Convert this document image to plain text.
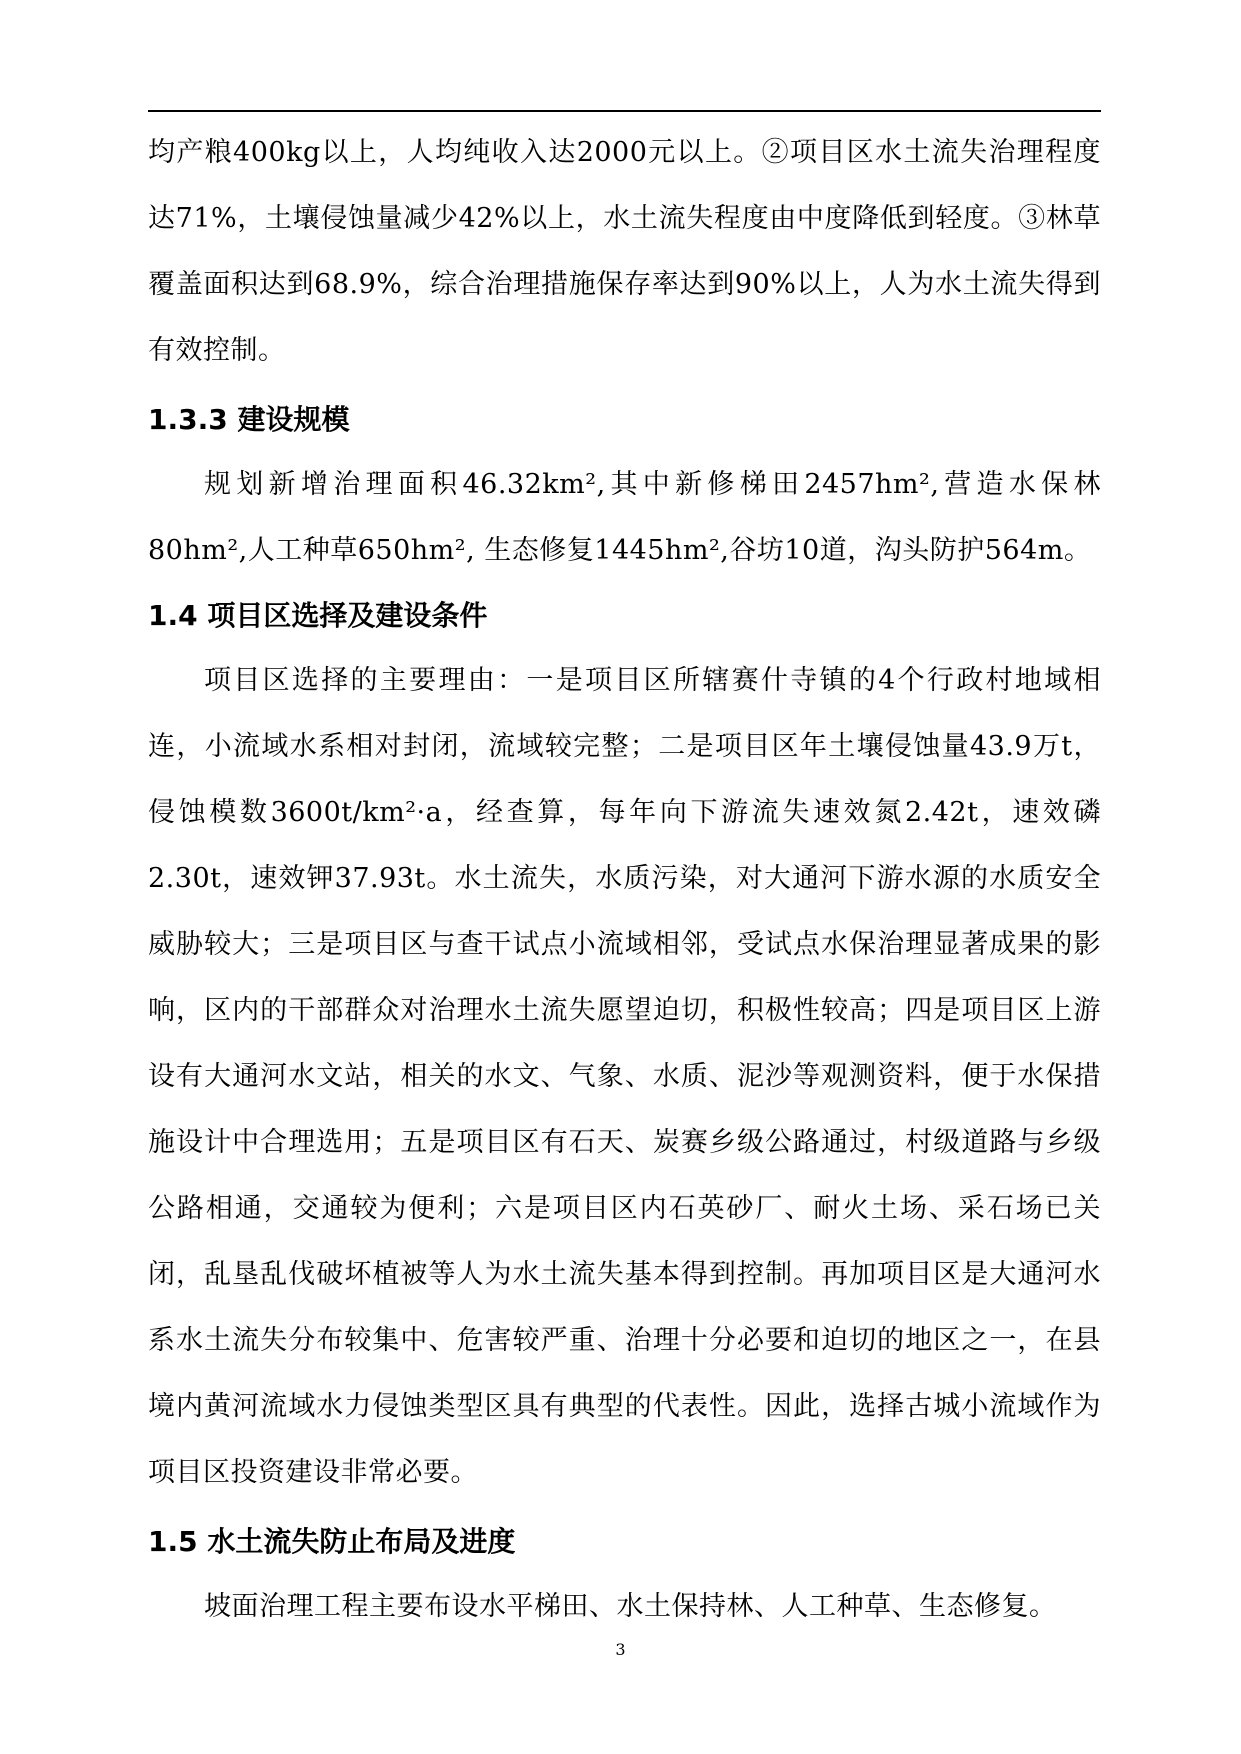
均产粮400kg以上，人均纯收入达2000元以上。②项目区水土流失治理程度达71%，土壤侵蚀量减少42%以上，水土流失程度由中度降低到轻度。③林草覆盖面积达到68.9%，综合治理措施保存率达到90%以上，人为水土流失得到有效控制。

1.3.3 建设规模

规划新增治理面积46.32km²,其中新修梯田2457hm²,营造水保林80hm²,人工种草650hm², 生态修复1445hm²,谷坊10道，沟头防护564m。

1.4 项目区选择及建设条件

项目区选择的主要理由：一是项目区所辖赛什寺镇的4个行政村地域相连，小流域水系相对封闭，流域较完整；二是项目区年土壤侵蚀量43.9万t，侵蚀模数3600t/km²·a，经查算，每年向下游流失速效氮2.42t，速效磷2.30t，速效钾37.93t。水土流失，水质污染，对大通河下游水源的水质安全威胁较大；三是项目区与查干试点小流域相邻，受试点水保治理显著成果的影响，区内的干部群众对治理水土流失愿望迫切，积极性较高；四是项目区上游设有大通河水文站，相关的水文、气象、水质、泥沙等观测资料，便于水保措施设计中合理选用；五是项目区有石天、炭赛乡级公路通过，村级道路与乡级公路相通，交通较为便利；六是项目区内石英砂厂、耐火土场、采石场已关闭，乱垦乱伐破坏植被等人为水土流失基本得到控制。再加项目区是大通河水系水土流失分布较集中、危害较严重、治理十分必要和迫切的地区之一，在县境内黄河流域水力侵蚀类型区具有典型的代表性。因此，选择古城小流域作为项目区投资建设非常必要。

1.5 水土流失防止布局及进度

坡面治理工程主要布设水平梯田、水土保持林、人工种草、生态修复。

3
